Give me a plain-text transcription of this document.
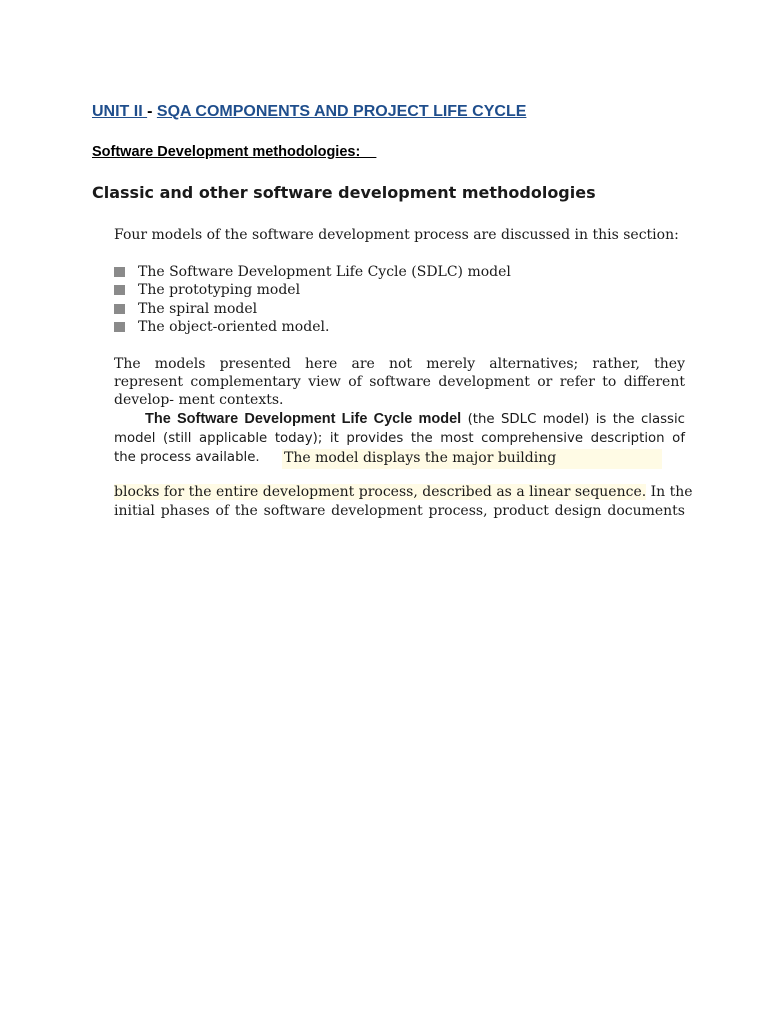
UNIT II - SQA COMPONENTS AND PROJECT LIFE CYCLE
Software Development methodologies:
Classic and other software development methodologies

Four models of the software development process are discussed in this section:

The Software Development Life Cycle (SDLC) model
The prototyping model
The spiral model
The object-oriented model.

The models presented here are not merely alternatives; rather, they
represent complementary view of software development or refer to different
develop- ment contexts.

The Software Development Life Cycle model (the SDLC model) is the classic
model (still applicable today); it provides the most comprehensive description of
the process available.	The model displays the major building

blocks for the entire development process, described as a linear sequence. In the
initial phases of the software development process, product design documents
